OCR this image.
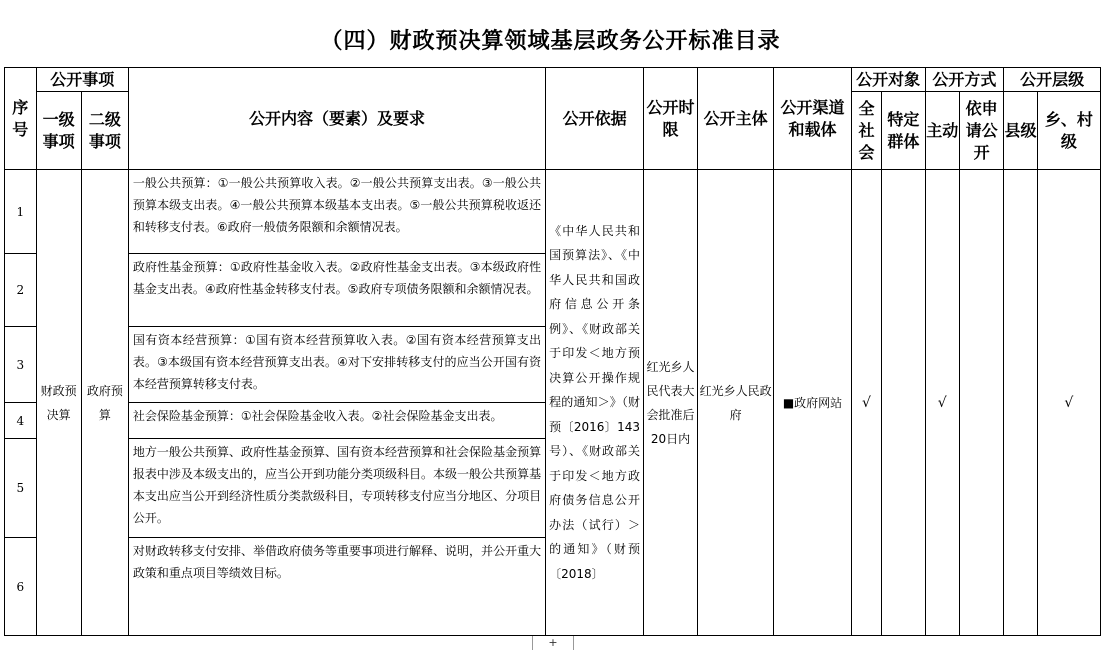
（四）财政预决算领域基层政务公开标准目录
序号	公开事项		公开内容（要素）及要求	公开依据	公开时限	公开主体	公开渠道和载体	公开对象		公开方式		公开层级	
	一级事项	二级事项						全社会	特定群体	主动	依申请公开	县级	乡、村级
1	财政预决算	政府预算	一般公共预算：①一般公共预算收入表。②一般公共预算支出表。③一般公共预算本级支出表。④一般公共预算本级基本支出表。⑤一般公共预算税收返还和转移支付表。⑥政府一般债务限额和余额情况表。	《中华人民共和国预算法》、《中华人民共和国政府信息公开条例》、《财政部关于印发＜地方预决算公开操作规程的通知＞》（财预〔2016〕143号）、《财政部关于印发＜地方政府债务信息公开办法（试行）＞的通知》（财预〔2018〕	红光乡人民代表大会批准后20日内	红光乡人民政府	■政府网站	√		√			√
2			政府性基金预算：①政府性基金收入表。②政府性基金支出表。③本级政府性基金支出表。④政府性基金转移支付表。⑤政府专项债务限额和余额情况表。										
3			国有资本经营预算：①国有资本经营预算收入表。②国有资本经营预算支出表。③本级国有资本经营预算支出表。④对下安排转移支付的应当公开国有资本经营预算转移支付表。										
4			社会保险基金预算：①社会保险基金收入表。②社会保险基金支出表。										
5			地方一般公共预算、政府性基金预算、国有资本经营预算和社会保险基金预算报表中涉及本级支出的，应当公开到功能分类项级科目。本级一般公共预算基本支出应当公开到经济性质分类款级科目，专项转移支付应当分地区、分项目公开。										
6			对财政转移支付安排、举借政府债务等重要事项进行解释、说明，并公开重大政策和重点项目等绩效目标。										
+
